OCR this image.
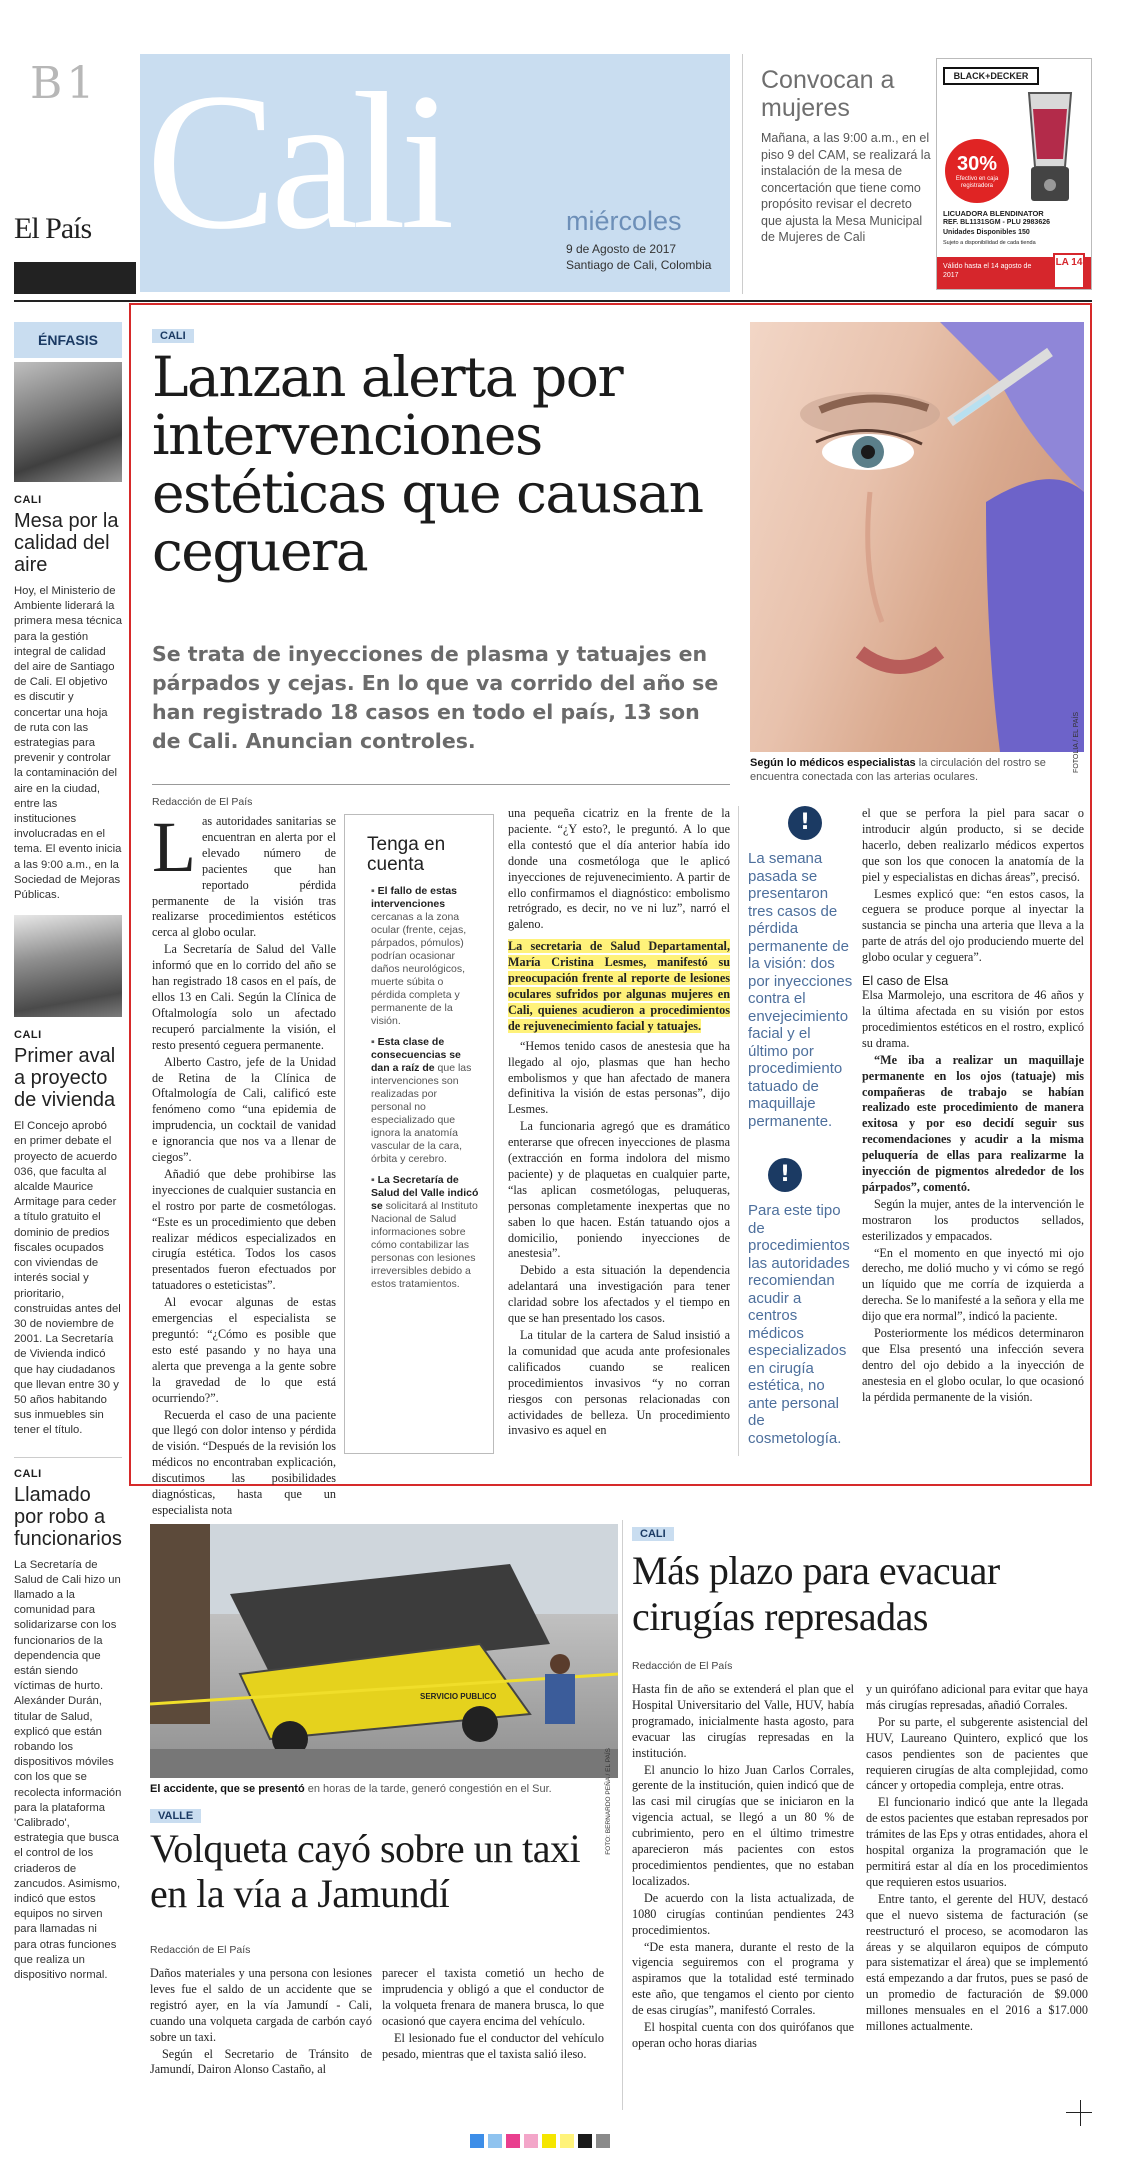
B1
El País Cali	miércoles
9 de Agosto de 2017
Santiago de Cali, Colombia
Convocan a mujeres
Mañana, a las 9:00 a.m., en el piso 9 del CAM, se realizará la instalación de la mesa de concertación que tiene como propósito revisar el decreto que ajusta la Mesa Municipal de Mujeres de Cali
BLACK+DECKER
30%
Efectivo en caja registradora
LICUADORA BLENDINATOR
REF. BL1131SGM - PLU 2983626
Unidades Disponibles 150
Sujeto a disponibilidad de cada tienda
Válido hasta el 14 agosto de 2017
LA 14
ÉNFASIS
CALI
Mesa por la calidad del aire

Hoy, el Ministerio de Ambiente liderará la primera mesa técnica para la gestión integral de calidad del aire de Santiago de Cali. El objetivo es discutir y concertar una hoja de ruta con las estrategias para prevenir y controlar la contaminación del aire en la ciudad, entre las instituciones involucradas en el tema. El evento inicia a las 9:00 a.m., en la Sociedad de Mejoras Públicas.

CALI
Primer aval a proyecto de vivienda

El Concejo aprobó en primer debate el proyecto de acuerdo 036, que faculta al alcalde Maurice Armitage para ceder a título gratuito el dominio de predios fiscales ocupados con viviendas de interés social y prioritario, construidas antes del 30 de noviembre de 2001. La Secretaría de Vivienda indicó que hay ciudadanos que llevan entre 30 y 50 años habitando sus inmuebles sin tener el título.

CALI
Llamado por robo a funcionarios

La Secretaría de Salud de Cali hizo un llamado a la comunidad para solidarizarse con los funcionarios de la dependencia que están siendo víctimas de hurto. Alexánder Durán, titular de Salud, explicó que están robando los dispositivos móviles con los que se recolecta información para la plataforma 'Calibrado', estrategia que busca el control de los criaderos de zancudos. Asimismo, indicó que estos equipos no sirven para llamadas ni para otras funciones que realiza un dispositivo normal.

CALI
Lanzan alerta por intervenciones estéticas que causan ceguera
Se trata de inyecciones de plasma y tatuajes en párpados y cejas. En lo que va corrido del año se han registrado 18 casos en todo el país, 13 son de Cali. Anuncian controles.	FOTOLIA / EL PAÍS
Según lo médicos especialistas la circulación del rostro se encuentra conectada con las arterias oculares.
Redacción de El País
L as autoridades sanitarias se encuentran en alerta por el elevado número de pacientes que han reportado pérdida permanente de la visión tras realizarse procedimientos estéticos cerca al globo ocular.

La Secretaría de Salud del Valle informó que en lo corrido del año se han registrado 18 casos en el país, de ellos 13 en Cali. Según la Clínica de Oftalmología solo un afectado recuperó parcialmente la visión, el resto presentó ceguera permanente.

Alberto Castro, jefe de la Unidad de Retina de la Clínica de Oftalmología de Cali, calificó este fenómeno como “una epidemia de imprudencia, un cocktail de vanidad e ignorancia que nos va a llenar de ciegos”.

Añadió que debe prohibirse las inyecciones de cualquier sustancia en el rostro por parte de cosmetólogas. “Este es un procedimiento que deben realizar médicos especializados en cirugía estética. Todos los casos presentados fueron efectuados por tatuadores o esteticistas”.

Al evocar algunas de estas emergencias el especialista se preguntó: “¿Cómo es posible que esto esté pasando y no haya una alerta que prevenga a la gente sobre la gravedad de lo que está ocurriendo?”.

Recuerda el caso de una paciente que llegó con dolor intenso y pérdida de visión. “Después de la revisión los médicos no encontraban explicación, discutimos las posibilidades diagnósticas, hasta que un especialista nota

Tenga en cuenta
▪ El fallo de estas intervenciones cercanas a la zona ocular (frente, cejas, párpados, pómulos) podrían ocasionar daños neurológicos, muerte súbita o pérdida completa y permanente de la visión.
▪ Esta clase de consecuencias se dan a raíz de que las intervenciones son realizadas por personal no especializado que ignora la anatomía vascular de la cara, órbita y cerebro.
▪ La Secretaría de Salud del Valle indicó se solicitará al Instituto Nacional de Salud informaciones sobre cómo contabilizar las personas con lesiones irreversibles debido a estos tratamientos.

una pequeña cicatriz en la frente de la paciente. “¿Y esto?, le preguntó. A lo que ella contestó que el día anterior había ido donde una cosmetóloga que le aplicó inyecciones de rejuvenecimiento. A partir de ello confirmamos el diagnóstico: embolismo retrógrado, es decir, no ve ni luz”, narró el galeno.

La secretaria de Salud Departamental, María Cristina Lesmes, manifestó su preocupación frente al reporte de lesiones oculares sufridos por algunas mujeres en Cali, quienes acudieron a procedimientos de rejuvenecimiento facial y tatuajes.

“Hemos tenido casos de anestesia que ha llegado al ojo, plasmas que han hecho embolismos y que han afectado de manera definitiva la visión de estas personas”, dijo Lesmes.

La funcionaria agregó que es dramático enterarse que ofrecen inyecciones de plasma (extracción en forma indolora del mismo paciente) y de plaquetas en cualquier parte, “las aplican cosmetólogas, peluqueras, personas completamente inexpertas que no saben lo que hacen. Están tatuando ojos a domicilio, poniendo inyecciones de anestesia”.

Debido a esta situación la dependencia adelantará una investigación para tener claridad sobre los afectados y el tiempo en que se han presentado los casos.

La titular de la cartera de Salud insistió a la comunidad que acuda ante profesionales calificados cuando se realicen procedimientos invasivos “y no corran riesgos con personas relacionadas con actividades de belleza. Un procedimiento invasivo es aquel en

!
La semana pasada se presentaron tres casos de pérdida permanente de la visión: dos por inyecciones contra el envejecimiento facial y el último por procedimiento tatuado de maquillaje permanente.
!
Para este tipo de procedimientos las autoridades recomiendan acudir a centros médicos especializados en cirugía estética, no ante personal de cosmetología.

el que se perfora la piel para sacar o introducir algún producto, si se decide hacerlo, deben realizarlo médicos expertos que son los que conocen la anatomía de la piel y especialistas en dichas áreas”, precisó.

Lesmes explicó que: “en estos casos, la ceguera se produce porque al inyectar la sustancia se pincha una arteria que lleva a la parte de atrás del ojo produciendo muerte del globo ocular y ceguera”.

El caso de Elsa

Elsa Marmolejo, una escritora de 46 años y la última afectada en su visión por estos procedimientos estéticos en el rostro, explicó su drama.

“Me iba a realizar un maquillaje permanente en los ojos (tatuaje) mis compañeras de trabajo se habían realizado este procedimiento de manera exitosa y por eso decidí seguir sus recomendaciones y acudir a la misma peluquería de ellas para realizarme la inyección de pigmentos alrededor de los párpados”, comentó.

Según la mujer, antes de la intervención le mostraron los productos sellados, esterilizados y empacados.

“En el momento en que inyectó mi ojo derecho, me dolió mucho y vi cómo se regó un líquido que me corría de izquierda a derecha. Se lo manifesté a la señora y ella me dijo que era normal”, indicó la paciente.

Posteriormente los médicos determinaron que Elsa presentó una infección severa dentro del ojo debido a la inyección de anestesia en el globo ocular, lo que ocasionó la pérdida permanente de la visión.

SERVICIO PUBLICO
FOTO: BERNARDO PEÑA / EL PAÍS
El accidente, que se presentó en horas de la tarde, generó congestión en el Sur.
VALLE
Volqueta cayó sobre un taxi en la vía a Jamundí
Redacción de El País

Daños materiales y una persona con lesiones leves fue el saldo de un accidente que se registró ayer, en la vía Jamundí - Cali, cuando una volqueta cargada de carbón cayó sobre un taxi.

Según el Secretario de Tránsito de Jamundí, Dairon Alonso Castaño, al

parecer el taxista cometió un hecho de imprudencia y obligó a que el conductor de la volqueta frenara de manera brusca, lo que ocasionó que cayera encima del vehículo.

El lesionado fue el conductor del vehículo pesado, mientras que el taxista salió ileso.

CALI
Más plazo para evacuar cirugías represadas
Redacción de El País

Hasta fin de año se extenderá el plan que el Hospital Universitario del Valle, HUV, había programado, inicialmente hasta agosto, para evacuar las cirugías represadas en la institución.

El anuncio lo hizo Juan Carlos Corrales, gerente de la institución, quien indicó que de las casi mil cirugías que se iniciaron en la vigencia actual, se llegó a un 80 % de cubrimiento, pero en el último trimestre aparecieron más pacientes con estos procedimientos pendientes, que no estaban localizados.

De acuerdo con la lista actualizada, de 1080 cirugías continúan pendientes 243 procedimientos.

“De esta manera, durante el resto de la vigencia seguiremos con el programa y aspiramos que la totalidad esté terminado este año, que tengamos el ciento por ciento de esas cirugías”, manifestó Corrales.

El hospital cuenta con dos quirófanos que operan ocho horas diarias

y un quirófano adicional para evitar que haya más cirugías represadas, añadió Corrales.

Por su parte, el subgerente asistencial del HUV, Laureano Quintero, explicó que los casos pendientes son de pacientes que requieren cirugías de alta complejidad, como cáncer y ortopedia compleja, entre otras.

El funcionario indicó que ante la llegada de estos pacientes que estaban represados por trámites de las Eps y otras entidades, ahora el hospital organiza la programación que le permitirá estar al día en los procedimientos que requieren estos usuarios.

Entre tanto, el gerente del HUV, destacó que el nuevo sistema de facturación (se reestructuró el proceso, se acomodaron las áreas y se alquilaron equipos de cómputo para sistematizar el área) que se implementó está empezando a dar frutos, pues se pasó de un promedio de facturación de $9.000 millones mensuales en el 2016 a $17.000 millones actualmente.
